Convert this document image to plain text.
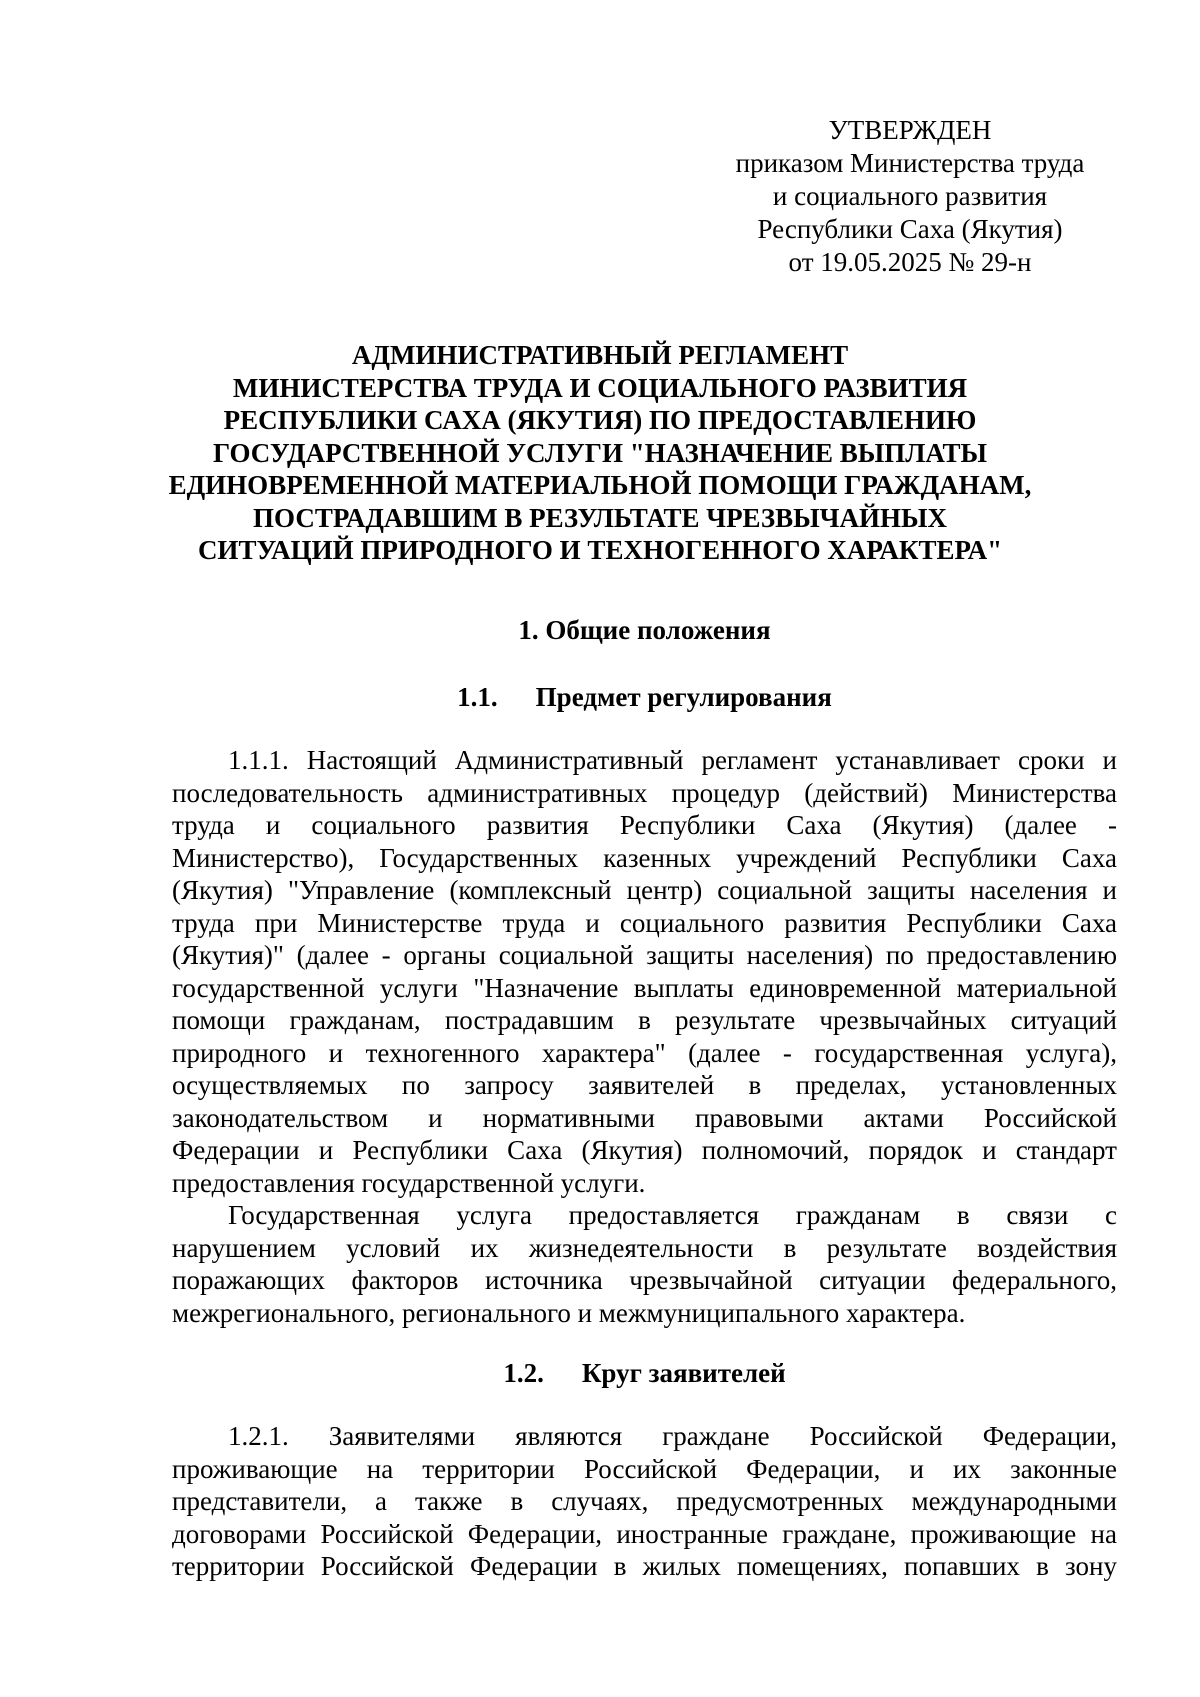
УТВЕРЖДЕН
приказом Министерства труда
и социального развития
Республики Саха (Якутия)
от 19.05.2025 № 29-н
АДМИНИСТРАТИВНЫЙ РЕГЛАМЕНТ
МИНИСТЕРСТВА ТРУДА И СОЦИАЛЬНОГО РАЗВИТИЯ
РЕСПУБЛИКИ САХА (ЯКУТИЯ) ПО ПРЕДОСТАВЛЕНИЮ
ГОСУДАРСТВЕННОЙ УСЛУГИ "НАЗНАЧЕНИЕ ВЫПЛАТЫ
ЕДИНОВРЕМЕННОЙ МАТЕРИАЛЬНОЙ ПОМОЩИ ГРАЖДАНАМ,
ПОСТРАДАВШИМ В РЕЗУЛЬТАТЕ ЧРЕЗВЫЧАЙНЫХ
СИТУАЦИЙ ПРИРОДНОГО И ТЕХНОГЕННОГО ХАРАКТЕРА"
1. Общие положения
1.1. Предмет регулирования
1.1.1. Настоящий Административный регламент устанавливает сроки и
последовательность административных процедур (действий) Министерства
труда и социального развития Республики Саха (Якутия) (далее -
Министерство), Государственных казенных учреждений Республики Саха
(Якутия) "Управление (комплексный центр) социальной защиты населения и
труда при Министерстве труда и социального развития Республики Саха
(Якутия)" (далее - органы социальной защиты населения) по предоставлению
государственной услуги "Назначение выплаты единовременной материальной
помощи гражданам, пострадавшим в результате чрезвычайных ситуаций
природного и техногенного характера" (далее - государственная услуга),
осуществляемых по запросу заявителей в пределах, установленных
законодательством и нормативными правовыми актами Российской
Федерации и Республики Саха (Якутия) полномочий, порядок и стандарт
предоставления государственной услуги.
Государственная услуга предоставляется гражданам в связи с
нарушением условий их жизнедеятельности в результате воздействия
поражающих факторов источника чрезвычайной ситуации федерального,
межрегионального, регионального и межмуниципального характера.
1.2. Круг заявителей
1.2.1. Заявителями являются граждане Российской Федерации,
проживающие на территории Российской Федерации, и их законные
представители, а также в случаях, предусмотренных международными
договорами Российской Федерации, иностранные граждане, проживающие на
территории Российской Федерации в жилых помещениях, попавших в зону
